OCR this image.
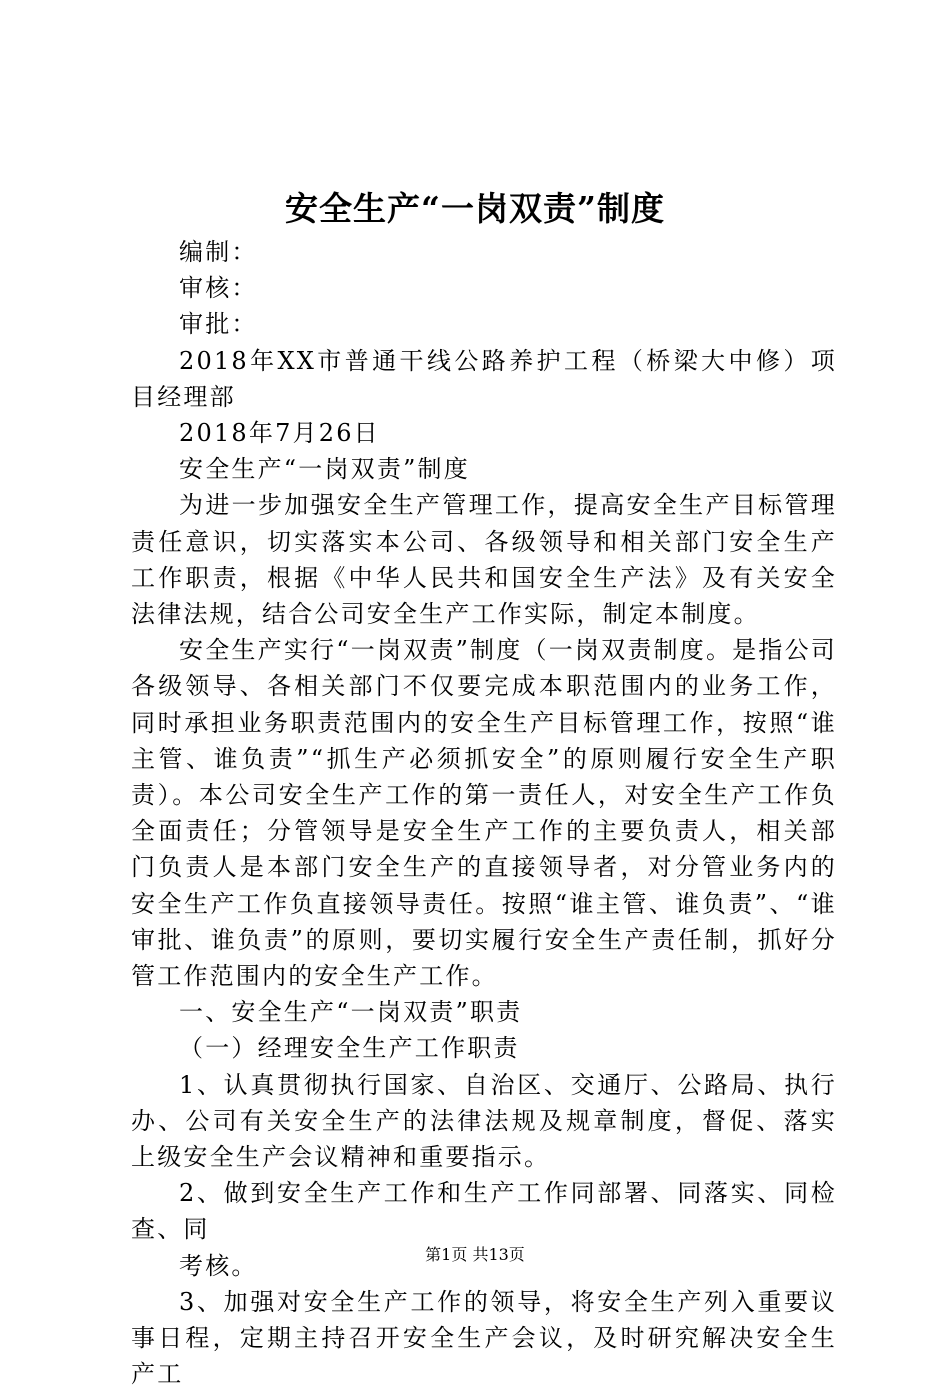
安全生产“一岗双责”制度

编制：

审核：

审批：

2018年XX市普通干线公路养护工程（桥梁大中修）项目经理部

2018年7月26日

安全生产“一岗双责”制度

为进一步加强安全生产管理工作，提高安全生产目标管理责任意识，切实落实本公司、各级领导和相关部门安全生产工作职责，根据《中华人民共和国安全生产法》及有关安全法律法规，结合公司安全生产工作实际，制定本制度。

安全生产实行“一岗双责”制度（一岗双责制度。是指公司各级领导、各相关部门不仅要完成本职范围内的业务工作，同时承担业务职责范围内的安全生产目标管理工作，按照“谁主管、谁负责”“抓生产必须抓安全”的原则履行安全生产职责）。本公司安全生产工作的第一责任人，对安全生产工作负全面责任；分管领导是安全生产工作的主要负责人，相关部门负责人是本部门安全生产的直接领导者，对分管业务内的安全生产工作负直接领导责任。按照“谁主管、谁负责”、“谁审批、谁负责”的原则，要切实履行安全生产责任制，抓好分管工作范围内的安全生产工作。

一、安全生产“一岗双责”职责

（一）经理安全生产工作职责

1、认真贯彻执行国家、自治区、交通厅、公路局、执行办、公司有关安全生产的法律法规及规章制度，督促、落实上级安全生产会议精神和重要指示。

2、做到安全生产工作和生产工作同部署、同落实、同检查、同

考核。

3、加强对安全生产工作的领导，将安全生产列入重要议事日程，定期主持召开安全生产会议，及时研究解决安全生产工

第1页 共13页
